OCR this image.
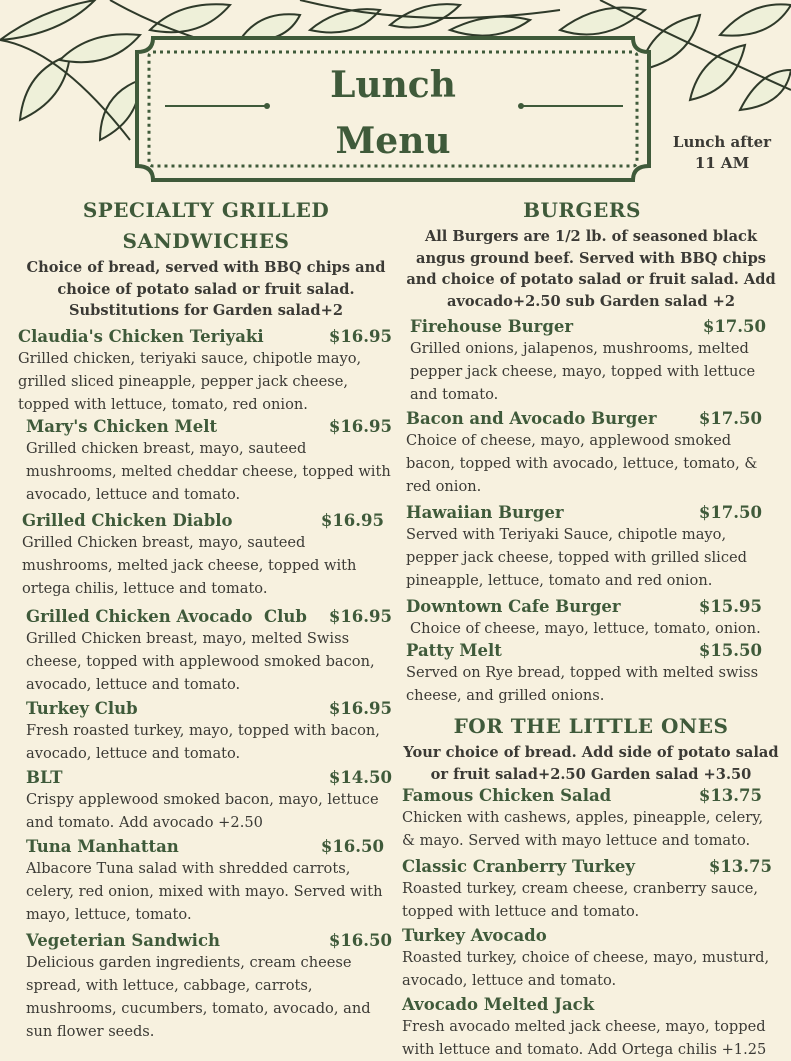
Lunch
Menu	Lunch after 11 AM
SPECIALTY GRILLED SANDWICHES
Choice of bread, served with BBQ chips and choice of potato salad or fruit salad. Substitutions for Garden salad+2
Claudia's Chicken Teriyaki	$16.95
Grilled chicken, teriyaki sauce, chipotle mayo, grilled sliced pineapple, pepper jack cheese, topped with lettuce, tomato, red onion.
Mary's Chicken Melt	$16.95
Grilled chicken breast, mayo, sauteed mushrooms, melted cheddar cheese, topped with avocado, lettuce and tomato.
Grilled Chicken Diablo	$16.95
Grilled Chicken breast, mayo, sauteed mushrooms, melted jack cheese, topped with ortega chilis, lettuce and tomato.
Grilled Chicken Avocado  Club $16.95
Grilled Chicken breast, mayo, melted Swiss cheese, topped with applewood smoked bacon, avocado, lettuce and tomato.
Turkey Club	$16.95
Fresh roasted turkey, mayo, topped with bacon, avocado, lettuce and tomato.
BLT	$14.50
Crispy applewood smoked bacon, mayo, lettuce and tomato. Add avocado +2.50
Tuna Manhattan	$16.50
Albacore Tuna salad with shredded carrots, celery, red onion, mixed with mayo. Served with mayo, lettuce, tomato.
Vegeterian Sandwich	$16.50
Delicious garden ingredients, cream cheese spread, with lettuce, cabbage, carrots, mushrooms, cucumbers, tomato, avocado, and sun flower seeds.
BURGERS
All Burgers are 1/2 lb. of seasoned black angus ground beef. Served with BBQ chips and choice of potato salad or fruit salad. Add avocado+2.50 sub Garden salad +2
Firehouse Burger	$17.50
Grilled onions, jalapenos, mushrooms, melted pepper jack cheese, mayo, topped with lettuce and tomato.
Bacon and Avocado Burger	$17.50
Choice of cheese, mayo, applewood smoked bacon, topped with avocado, lettuce, tomato, & red onion.
Hawaiian Burger	$17.50
Served with Teriyaki Sauce, chipotle mayo, pepper jack cheese, topped with grilled sliced pineapple, lettuce, tomato and red onion.
Downtown Cafe Burger	$15.95
Choice of cheese, mayo, lettuce, tomato, onion.
Patty Melt	$15.50
Served on Rye bread, topped with melted swiss cheese, and grilled onions.
FOR THE LITTLE ONES
Your choice of bread. Add side of potato salad or fruit salad+2.50 Garden salad +3.50
Famous Chicken Salad	$13.75
Chicken with cashews, apples, pineapple, celery, & mayo. Served with mayo lettuce and tomato.
Classic Cranberry Turkey	$13.75
Roasted turkey, cream cheese, cranberry sauce, topped with lettuce and tomato.
Turkey Avocado
Roasted turkey, choice of cheese, mayo, musturd, avocado, lettuce and tomato.
Avocado Melted Jack
Fresh avocado melted jack cheese, mayo, topped with lettuce and tomato. Add Ortega chilis +1.25
